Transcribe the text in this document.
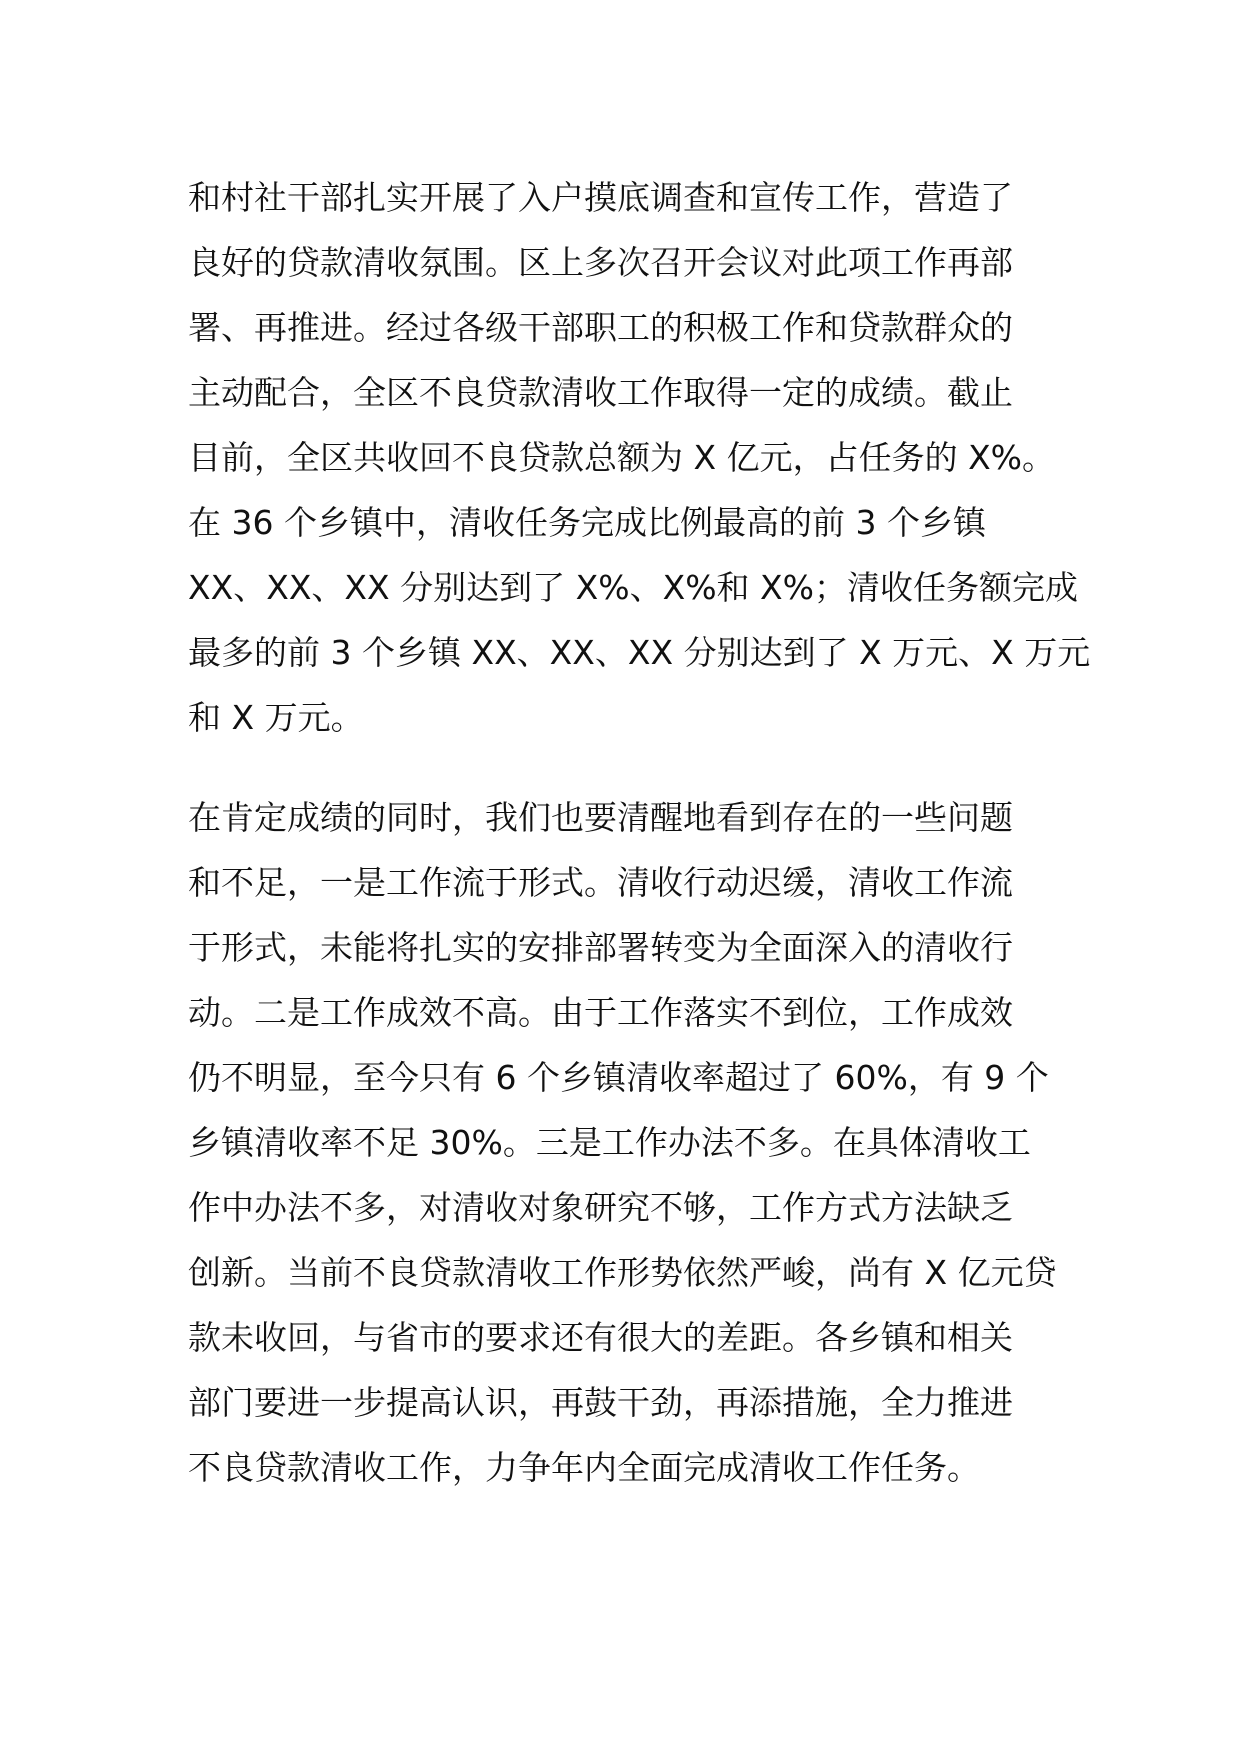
和村社干部扎实开展了入户摸底调查和宣传工作，营造了
良好的贷款清收氛围。区上多次召开会议对此项工作再部
署、再推进。经过各级干部职工的积极工作和贷款群众的
主动配合，全区不良贷款清收工作取得一定的成绩。截止
目前，全区共收回不良贷款总额为 X 亿元，占任务的 X%。
在 36 个乡镇中，清收任务完成比例最高的前 3 个乡镇
XX、XX、XX 分别达到了 X%、X%和 X%；清收任务额完成
最多的前 3 个乡镇 XX、XX、XX 分别达到了 X 万元、X 万元
和 X 万元。
在肯定成绩的同时，我们也要清醒地看到存在的一些问题
和不足，一是工作流于形式。清收行动迟缓，清收工作流
于形式，未能将扎实的安排部署转变为全面深入的清收行
动。二是工作成效不高。由于工作落实不到位，工作成效
仍不明显，至今只有 6 个乡镇清收率超过了 60%，有 9 个
乡镇清收率不足 30%。三是工作办法不多。在具体清收工
作中办法不多，对清收对象研究不够，工作方式方法缺乏
创新。当前不良贷款清收工作形势依然严峻，尚有 X 亿元贷
款未收回，与省市的要求还有很大的差距。各乡镇和相关
部门要进一步提高认识，再鼓干劲，再添措施，全力推进
不良贷款清收工作，力争年内全面完成清收工作任务。
